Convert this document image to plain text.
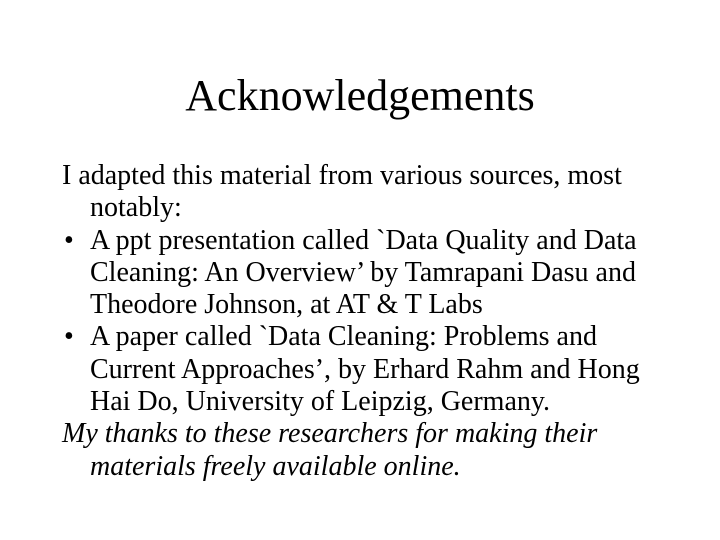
Acknowledgements

I adapted this material from various sources, most notably:

• A ppt presentation called `Data Quality and Data Cleaning: An Overview’ by Tamrapani Dasu and Theodore Johnson, at AT & T Labs
• A paper called `Data Cleaning: Problems and Current Approaches’, by Erhard Rahm and Hong Hai Do, University of Leipzig, Germany.

My thanks to these researchers for making their materials freely available online.
